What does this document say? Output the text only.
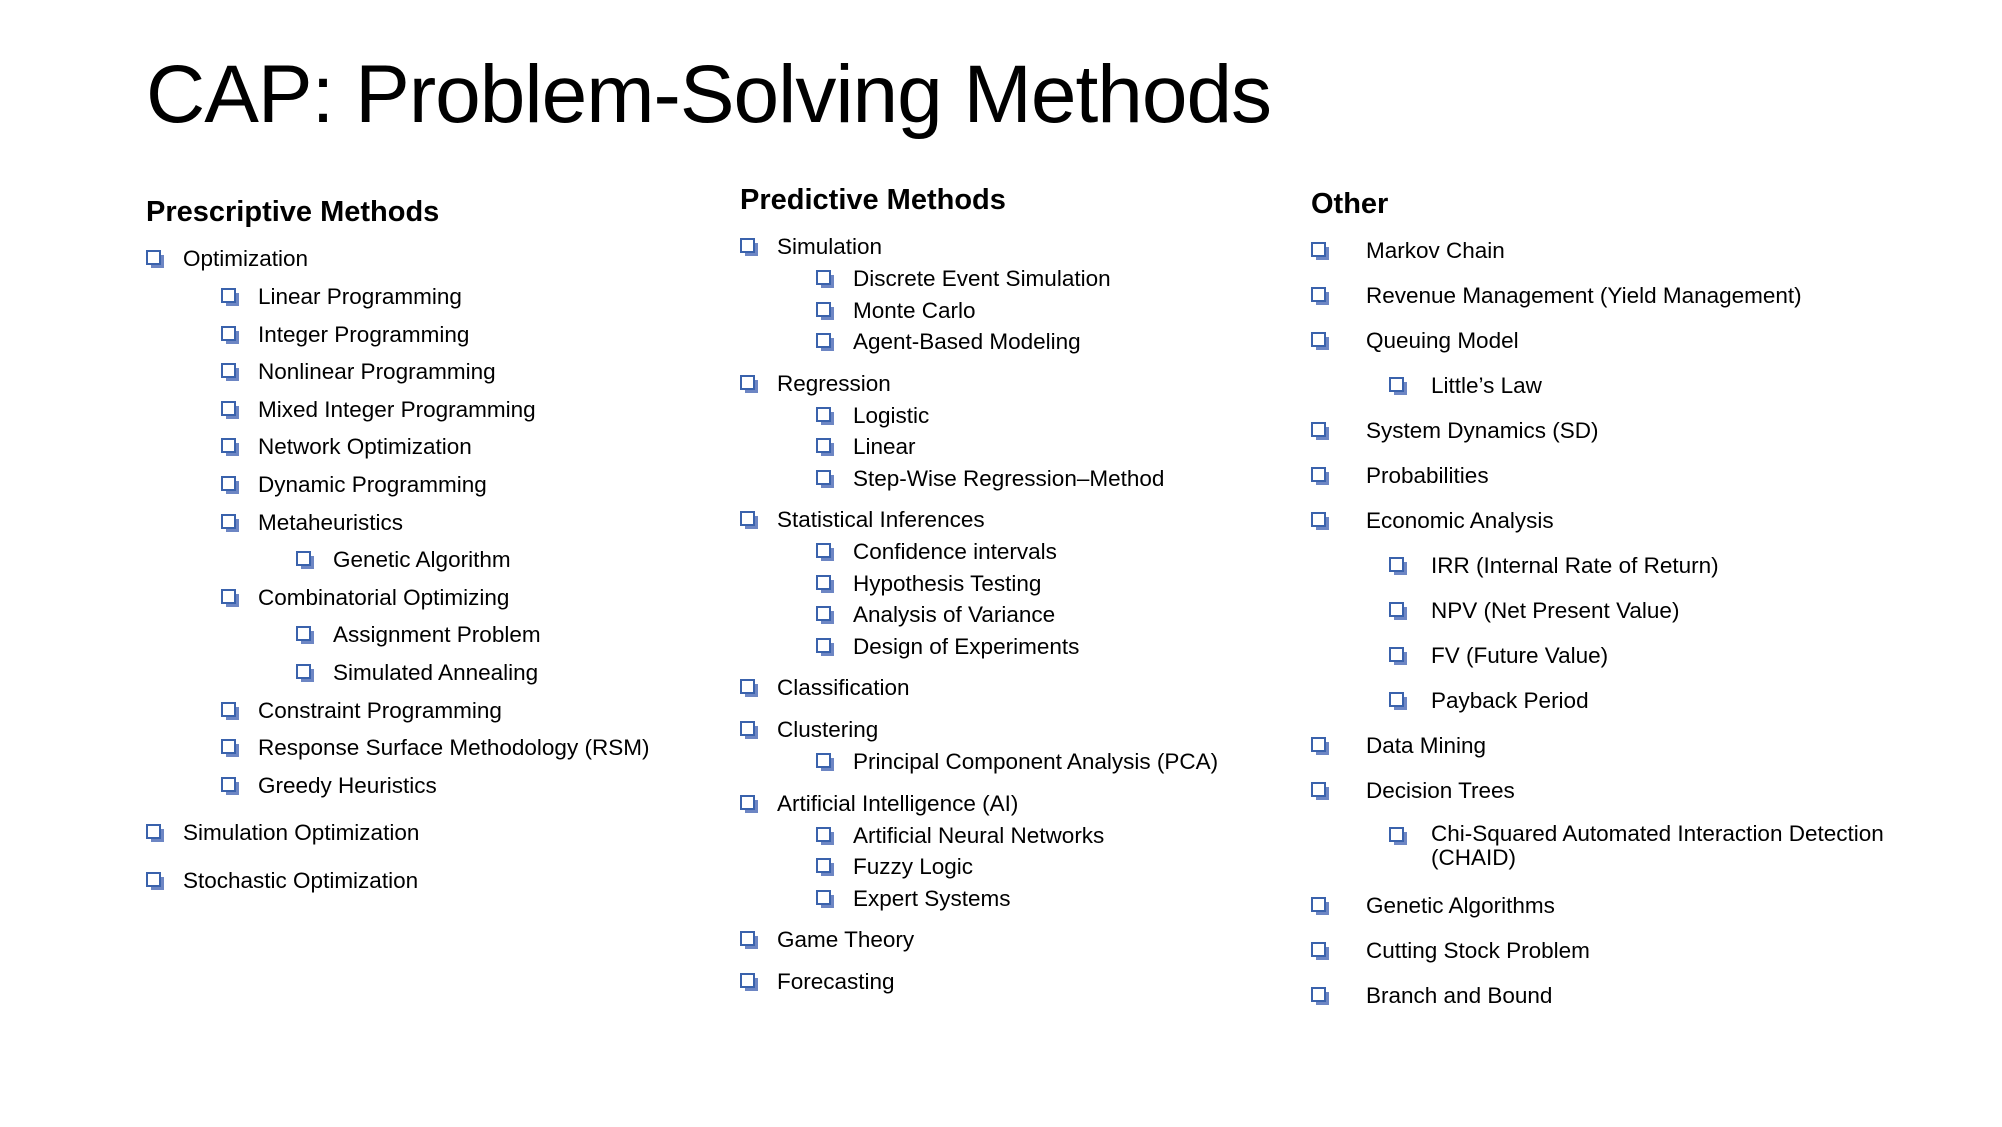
CAP: Problem-Solving Methods
Prescriptive Methods
Optimization
Linear Programming
Integer Programming
Nonlinear Programming
Mixed Integer Programming
Network Optimization
Dynamic Programming
Metaheuristics
Genetic Algorithm
Combinatorial Optimizing
Assignment Problem
Simulated Annealing
Constraint Programming
Response Surface Methodology (RSM)
Greedy Heuristics
Simulation Optimization
Stochastic Optimization
Predictive Methods
Simulation
Discrete Event Simulation
Monte Carlo
Agent-Based Modeling
Regression
Logistic
Linear
Step-Wise Regression–Method
Statistical Inferences
Confidence intervals
Hypothesis Testing
Analysis of Variance
Design of Experiments
Classification
Clustering
Principal Component Analysis (PCA)
Artificial Intelligence (AI)
Artificial Neural Networks
Fuzzy Logic
Expert Systems
Game Theory
Forecasting
Other
Markov Chain
Revenue Management (Yield Management)
Queuing Model
Little’s Law
System Dynamics (SD)
Probabilities
Economic Analysis
IRR (Internal Rate of Return)
NPV (Net Present Value)
FV (Future Value)
Payback Period
Data Mining
Decision Trees
Chi-Squared Automated Interaction Detection (CHAID)
Genetic Algorithms
Cutting Stock Problem
Branch and Bound
